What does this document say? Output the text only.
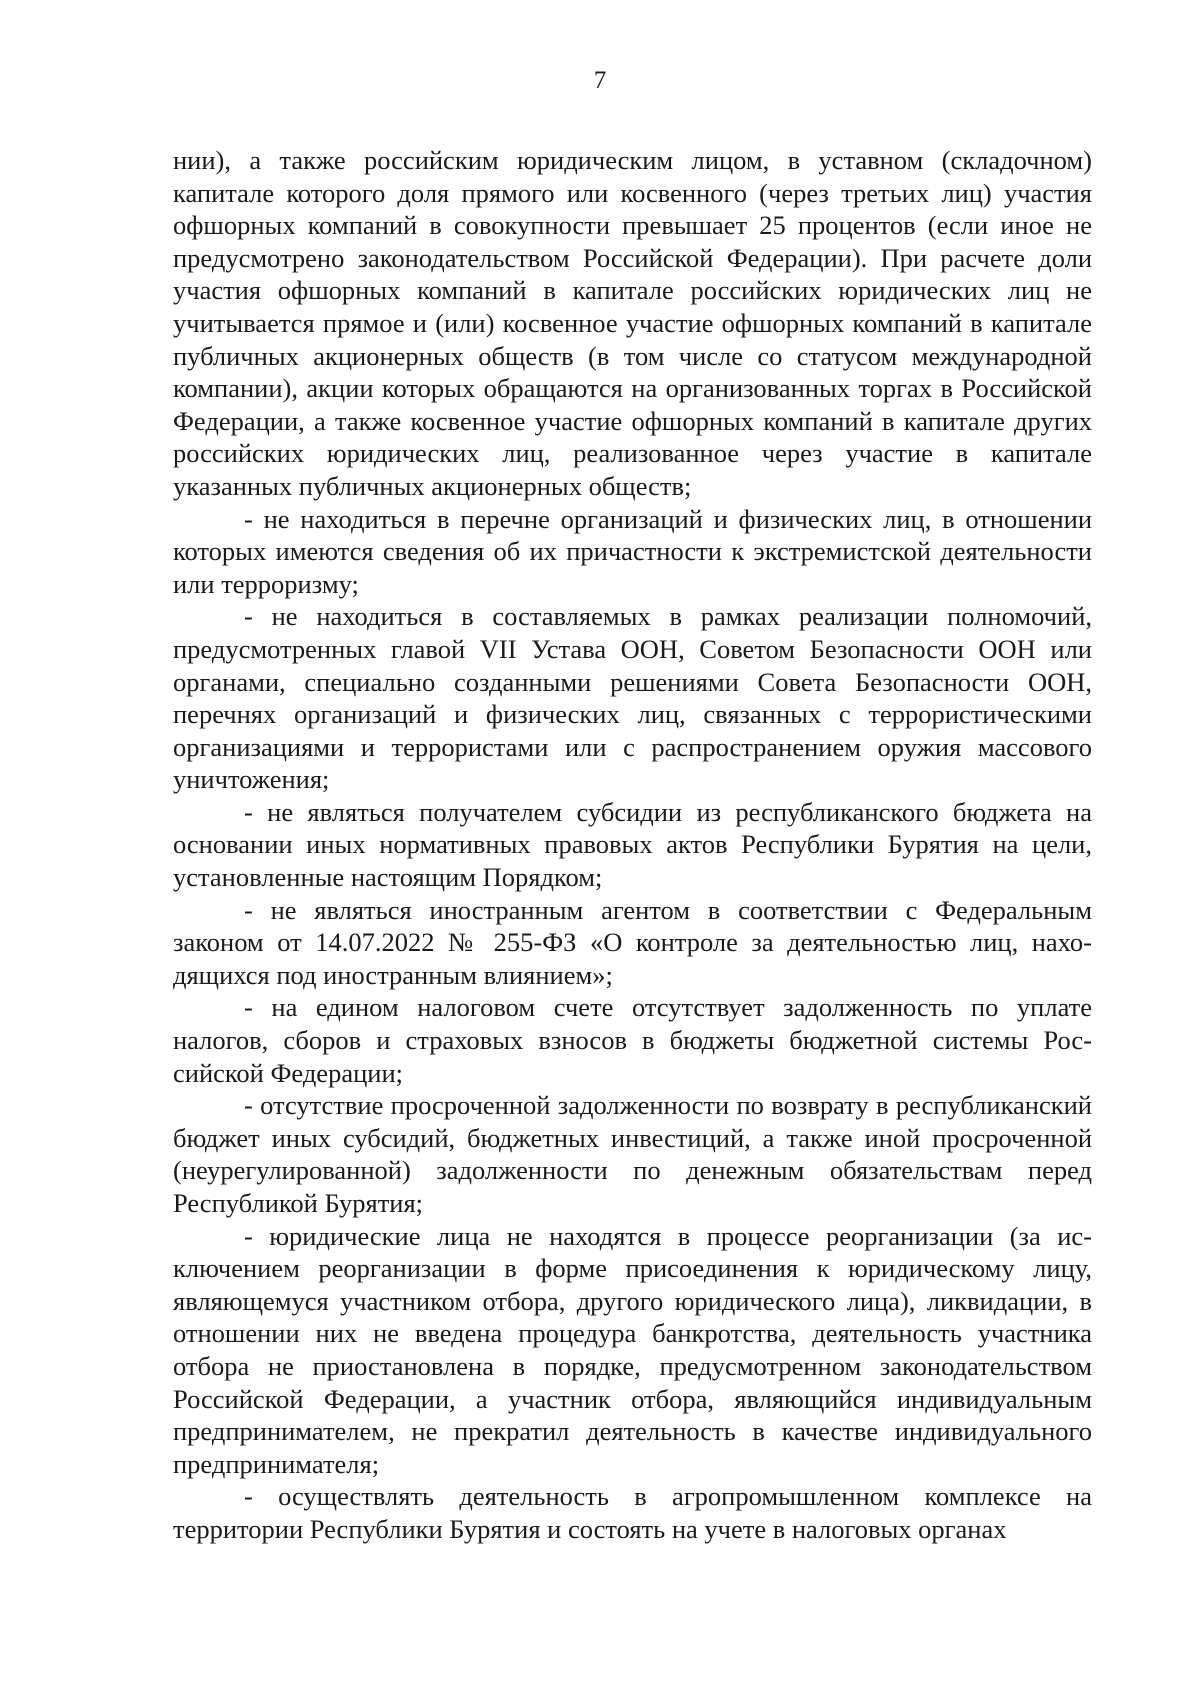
7

нии), а также российским юридическим лицом, в уставном (складочном) капитале которого доля прямого или косвенного (через третьих лиц) участия офшорных компаний в совокупности превышает 25 процентов (если иное не предусмотрено законодательством Российской Федерации). При расчете доли участия офшорных компаний в капитале российских юридических лиц не учитывается прямое и (или) косвенное участие офшорных компаний в капитале публичных акционерных обществ (в том числе со статусом международной компании), акции которых обращаются на организованных торгах в Российской Федерации, а также косвенное участие офшорных компаний в капитале других российских юридических лиц, реализованное через участие в капитале указанных публичных акционерных обществ;

- не находиться в перечне организаций и физических лиц, в отношении которых имеются сведения об их причастности к экстремистской деятельности или терроризму;

- не находиться в составляемых в рамках реализации полномочий, предусмотренных главой VII Устава ООН, Советом Безопасности ООН или органами, специально созданными решениями Совета Безопасности ООН, перечнях организаций и физических лиц, связанных с террористическими организациями и террористами или с распространением оружия массового уничтожения;

- не являться получателем субсидии из республиканского бюджета на основании иных нормативных правовых актов Республики Бурятия на цели, установленные настоящим Порядком;

- не являться иностранным агентом в соответствии с Федеральным законом от 14.07.2022 № 255-ФЗ «О контроле за деятельностью лиц, находящихся под иностранным влиянием»;

- на едином налоговом счете отсутствует задолженность по уплате налогов, сборов и страховых взносов в бюджеты бюджетной системы Российской Федерации;

- отсутствие просроченной задолженности по возврату в республиканский бюджет иных субсидий, бюджетных инвестиций, а также иной просроченной (неурегулированной) задолженности по денежным обязательствам перед Республикой Бурятия;

- юридические лица не находятся в процессе реорганизации (за исключением реорганизации в форме присоединения к юридическому лицу, являющемуся участником отбора, другого юридического лица), ликвидации, в отношении них не введена процедура банкротства, деятельность участника отбора не приостановлена в порядке, предусмотренном законодательством Российской Федерации, а участник отбора, являющийся индивидуальным предпринимателем, не прекратил деятельность в качестве индивидуального предпринимателя;

- осуществлять деятельность в агропромышленном комплексе на территории Республики Бурятия и состоять на учете в налоговых органах
